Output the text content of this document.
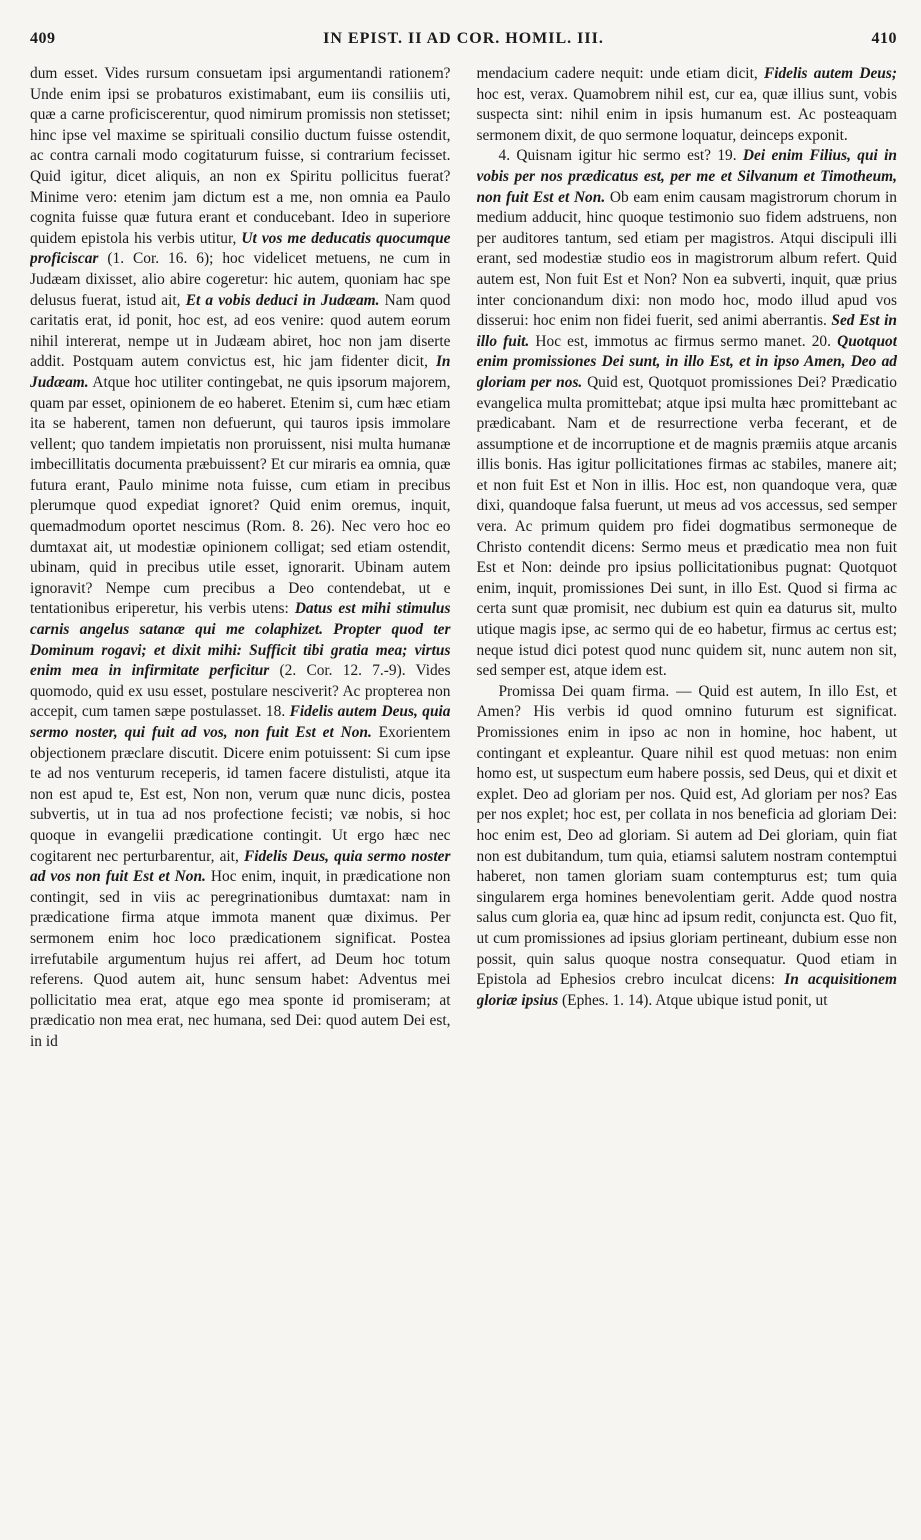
409	IN EPIST. II AD COR. HOMIL. III.	410

dum esset. Vides rursum consuetam ipsi argumentandi rationem? Unde enim ipsi se probaturos existimabant, eum iis consiliis uti, quæ a carne proficiscerentur, quod nimirum promissis non stetisset; hinc ipse vel maxime se spirituali consilio ductum fuisse ostendit, ac contra carnali modo cogitaturum fuisse, si contrarium fecisset. Quid igitur, dicet aliquis, an non ex Spiritu pollicitus fuerat? Minime vero: etenim jam dictum est a me, non omnia ea Paulo cognita fuisse quæ futura erant et conducebant. Ideo in superiore quidem epistola his verbis utitur, Ut vos me deducatis quocumque proficiscar (1. Cor. 16. 6); hoc videlicet metuens, ne cum in Judæam dixisset, alio abire cogeretur: hic autem, quoniam hac spe delusus fuerat, istud ait, Et a vobis deduci in Judæam. Nam quod caritatis erat, id ponit, hoc est, ad eos venire: quod autem eorum nihil intererat, nempe ut in Judæam abiret, hoc non jam diserte addit. Postquam autem convictus est, hic jam fidenter dicit, In Judæam. Atque hoc utiliter contingebat, ne quis ipsorum majorem, quam par esset, opinionem de eo haberet. Etenim si, cum hæc etiam ita se haberent, tamen non defuerunt, qui tauros ipsis immolare vellent; quo tandem impietatis non proruissent, nisi multa humanæ imbecillitatis documenta præbuissent? Et cur miraris ea omnia, quæ futura erant, Paulo minime nota fuisse, cum etiam in precibus plerumque quod expediat ignoret? Quid enim oremus, inquit, quemadmodum oportet nescimus (Rom. 8. 26). Nec vero hoc eo dumtaxat ait, ut modestiæ opinionem colligat; sed etiam ostendit, ubinam, quid in precibus utile esset, ignorarit. Ubinam autem ignoravit? Nempe cum precibus a Deo contendebat, ut e tentationibus eriperetur, his verbis utens: Datus est mihi stimulus carnis angelus satanæ qui me colaphizet. Propter quod ter Dominum rogavi; et dixit mihi: Sufficit tibi gratia mea; virtus enim mea in infirmitate perficitur (2. Cor. 12. 7.-9). Vides quomodo, quid ex usu esset, postulare nesciverit? Ac propterea non accepit, cum tamen sæpe postulasset. 18. Fidelis autem Deus, quia sermo noster, qui fuit ad vos, non fuit Est et Non. Exorientem objectionem præclare discutit. Dicere enim potuissent: Si cum ipse te ad nos venturum receperis, id tamen facere distulisti, atque ita non est apud te, Est est, Non non, verum quæ nunc dicis, postea subvertis, ut in tua ad nos profectione fecisti; væ nobis, si hoc quoque in evangelii prædicatione contingit. Ut ergo hæc nec cogitarent nec perturbarentur, ait, Fidelis Deus, quia sermo noster ad vos non fuit Est et Non. Hoc enim, inquit, in prædicatione non contingit, sed in viis ac peregrinationibus dumtaxat: nam in prædicatione firma atque immota manent quæ diximus. Per sermonem enim hoc loco prædicationem significat. Postea irrefutabile argumentum hujus rei affert, ad Deum hoc totum referens. Quod autem ait, hunc sensum habet: Adventus mei pollicitatio mea erat, atque ego mea sponte id promiseram; at prædicatio non mea erat, nec humana, sed Dei: quod autem Dei est, in id

mendacium cadere nequit: unde etiam dicit, Fidelis autem Deus; hoc est, verax. Quamobrem nihil est, cur ea, quæ illius sunt, vobis suspecta sint: nihil enim in ipsis humanum est. Ac posteaquam sermonem dixit, de quo sermone loquatur, deinceps exponit.

4. Quisnam igitur hic sermo est? 19. Dei enim Filius, qui in vobis per nos prædicatus est, per me et Silvanum et Timotheum, non fuit Est et Non. Ob eam enim causam magistrorum chorum in medium adducit, hinc quoque testimonio suo fidem adstruens, non per auditores tantum, sed etiam per magistros. Atqui discipuli illi erant, sed modestiæ studio eos in magistrorum album refert. Quid autem est, Non fuit Est et Non? Non ea subverti, inquit, quæ prius inter concionandum dixi: non modo hoc, modo illud apud vos disserui: hoc enim non fidei fuerit, sed animi aberrantis. Sed Est in illo fuit. Hoc est, immotus ac firmus sermo manet. 20. Quotquot enim promissiones Dei sunt, in illo Est, et in ipso Amen, Deo ad gloriam per nos. Quid est, Quotquot promissiones Dei? Prædicatio evangelica multa promittebat; atque ipsi multa hæc promittebant ac prædicabant. Nam et de resurrectione verba fecerant, et de assumptione et de incorruptione et de magnis præmiis atque arcanis illis bonis. Has igitur pollicitationes firmas ac stabiles, manere ait; et non fuit Est et Non in illis. Hoc est, non quandoque vera, quæ dixi, quandoque falsa fuerunt, ut meus ad vos accessus, sed semper vera. Ac primum quidem pro fidei dogmatibus sermoneque de Christo contendit dicens: Sermo meus et prædicatio mea non fuit Est et Non: deinde pro ipsius pollicitationibus pugnat: Quotquot enim, inquit, promissiones Dei sunt, in illo Est. Quod si firma ac certa sunt quæ promisit, nec dubium est quin ea daturus sit, multo utique magis ipse, ac sermo qui de eo habetur, firmus ac certus est; neque istud dici potest quod nunc quidem sit, nunc autem non sit, sed semper est, atque idem est.

Promissa Dei quam firma. — Quid est autem, In illo Est, et Amen? His verbis id quod omnino futurum est significat. Promissiones enim in ipso ac non in homine, hoc habent, ut contingant et expleantur. Quare nihil est quod metuas: non enim homo est, ut suspectum eum habere possis, sed Deus, qui et dixit et explet. Deo ad gloriam per nos. Quid est, Ad gloriam per nos? Eas per nos explet; hoc est, per collata in nos beneficia ad gloriam Dei: hoc enim est, Deo ad gloriam. Si autem ad Dei gloriam, quin fiat non est dubitandum, tum quia, etiamsi salutem nostram contemptui haberet, non tamen gloriam suam contempturus est; tum quia singularem erga homines benevolentiam gerit. Adde quod nostra salus cum gloria ea, quæ hinc ad ipsum redit, conjuncta est. Quo fit, ut cum promissiones ad ipsius gloriam pertineant, dubium esse non possit, quin salus quoque nostra consequatur. Quod etiam in Epistola ad Ephesios crebro inculcat dicens: In acquisitionem gloriæ ipsius (Ephes. 1. 14). Atque ubique istud ponit, ut
